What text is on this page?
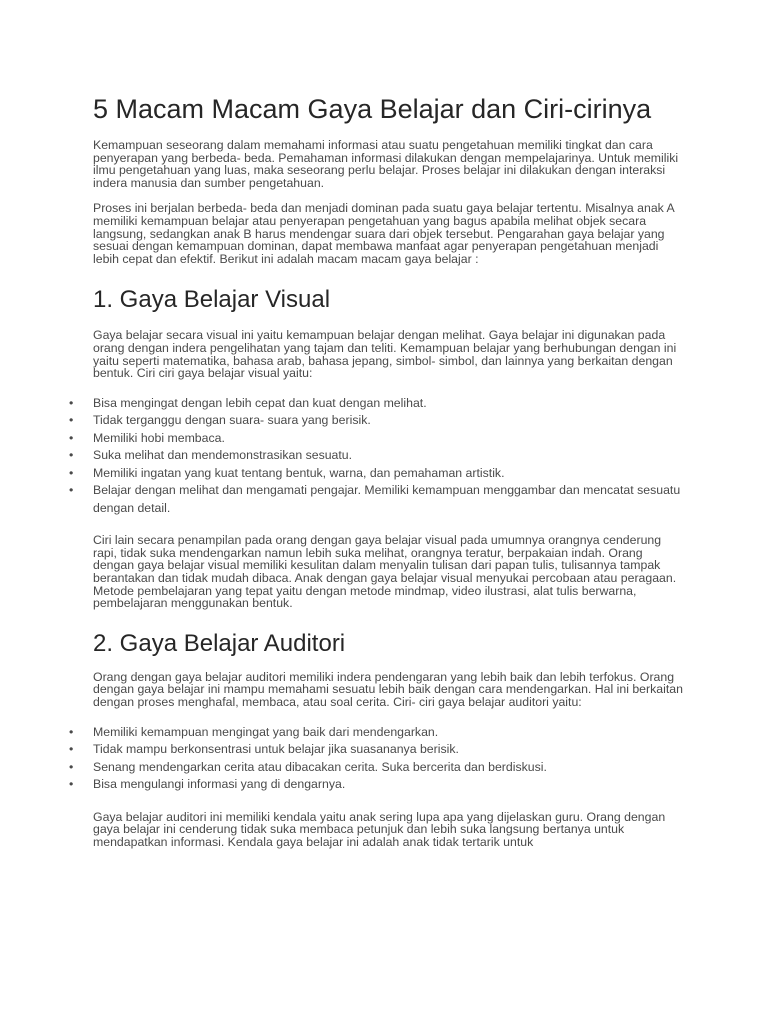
5 Macam Macam Gaya Belajar dan Ciri-cirinya

Kemampuan seseorang dalam memahami informasi atau suatu pengetahuan memiliki tingkat dan cara penyerapan yang berbeda- beda. Pemahaman informasi dilakukan dengan mempelajarinya. Untuk memiliki ilmu pengetahuan yang luas, maka seseorang perlu belajar. Proses belajar ini dilakukan dengan interaksi indera manusia dan sumber pengetahuan.

Proses ini berjalan berbeda- beda dan menjadi dominan pada suatu gaya belajar tertentu. Misalnya anak A memiliki kemampuan belajar atau penyerapan pengetahuan yang bagus apabila melihat objek secara langsung, sedangkan anak B harus mendengar suara dari objek tersebut. Pengarahan gaya belajar yang sesuai dengan kemampuan dominan, dapat membawa manfaat agar penyerapan pengetahuan menjadi lebih cepat dan efektif. Berikut ini adalah macam macam gaya belajar :

1. Gaya Belajar Visual

Gaya belajar secara visual ini yaitu kemampuan belajar dengan melihat. Gaya belajar ini digunakan pada orang dengan indera pengelihatan yang tajam dan teliti. Kemampuan belajar yang berhubungan dengan ini yaitu seperti matematika, bahasa arab, bahasa jepang, simbol- simbol, dan lainnya yang berkaitan dengan bentuk. Ciri ciri gaya belajar visual yaitu:

• Bisa mengingat dengan lebih cepat dan kuat dengan melihat.
• Tidak terganggu dengan suara- suara yang berisik.
• Memiliki hobi membaca.
• Suka melihat dan mendemonstrasikan sesuatu.
• Memiliki ingatan yang kuat tentang bentuk, warna, dan pemahaman artistik.
• Belajar dengan melihat dan mengamati pengajar. Memiliki kemampuan menggambar dan mencatat sesuatu dengan detail.

Ciri lain secara penampilan pada orang dengan gaya belajar visual pada umumnya orangnya cenderung rapi, tidak suka mendengarkan namun lebih suka melihat, orangnya teratur, berpakaian indah. Orang dengan gaya belajar visual memiliki kesulitan dalam menyalin tulisan dari papan tulis, tulisannya tampak berantakan dan tidak mudah dibaca. Anak dengan gaya belajar visual menyukai percobaan atau peragaan. Metode pembelajaran yang tepat yaitu dengan metode mindmap, video ilustrasi, alat tulis berwarna, pembelajaran menggunakan bentuk.

2. Gaya Belajar Auditori

Orang dengan gaya belajar auditori memiliki indera pendengaran yang lebih baik dan lebih terfokus. Orang dengan gaya belajar ini mampu memahami sesuatu lebih baik dengan cara mendengarkan. Hal ini berkaitan dengan proses menghafal, membaca, atau soal cerita. Ciri- ciri gaya belajar auditori yaitu:

• Memiliki kemampuan mengingat yang baik dari mendengarkan.
• Tidak mampu berkonsentrasi untuk belajar jika suasananya berisik.
• Senang mendengarkan cerita atau dibacakan cerita. Suka bercerita dan berdiskusi.
• Bisa mengulangi informasi yang di dengarnya.

Gaya belajar auditori ini memiliki kendala yaitu anak sering lupa apa yang dijelaskan guru. Orang dengan gaya belajar ini cenderung tidak suka membaca petunjuk dan lebih suka langsung bertanya untuk mendapatkan informasi. Kendala gaya belajar ini adalah anak tidak tertarik untuk
